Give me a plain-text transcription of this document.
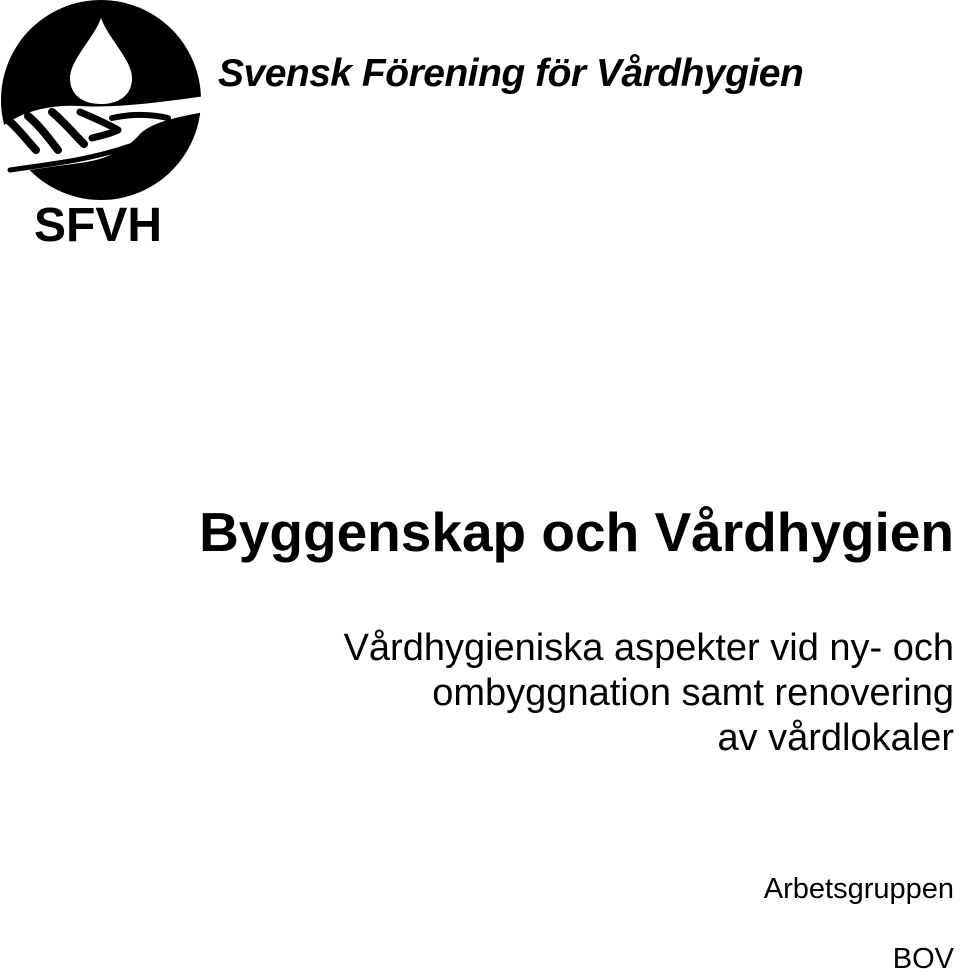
Svensk Förening för Vårdhygien
SFVH
Byggenskap och Vårdhygien
Vårdhygieniska aspekter vid ny- och
ombyggnation samt renovering
av vårdlokaler
Arbetsgruppen
BOV
